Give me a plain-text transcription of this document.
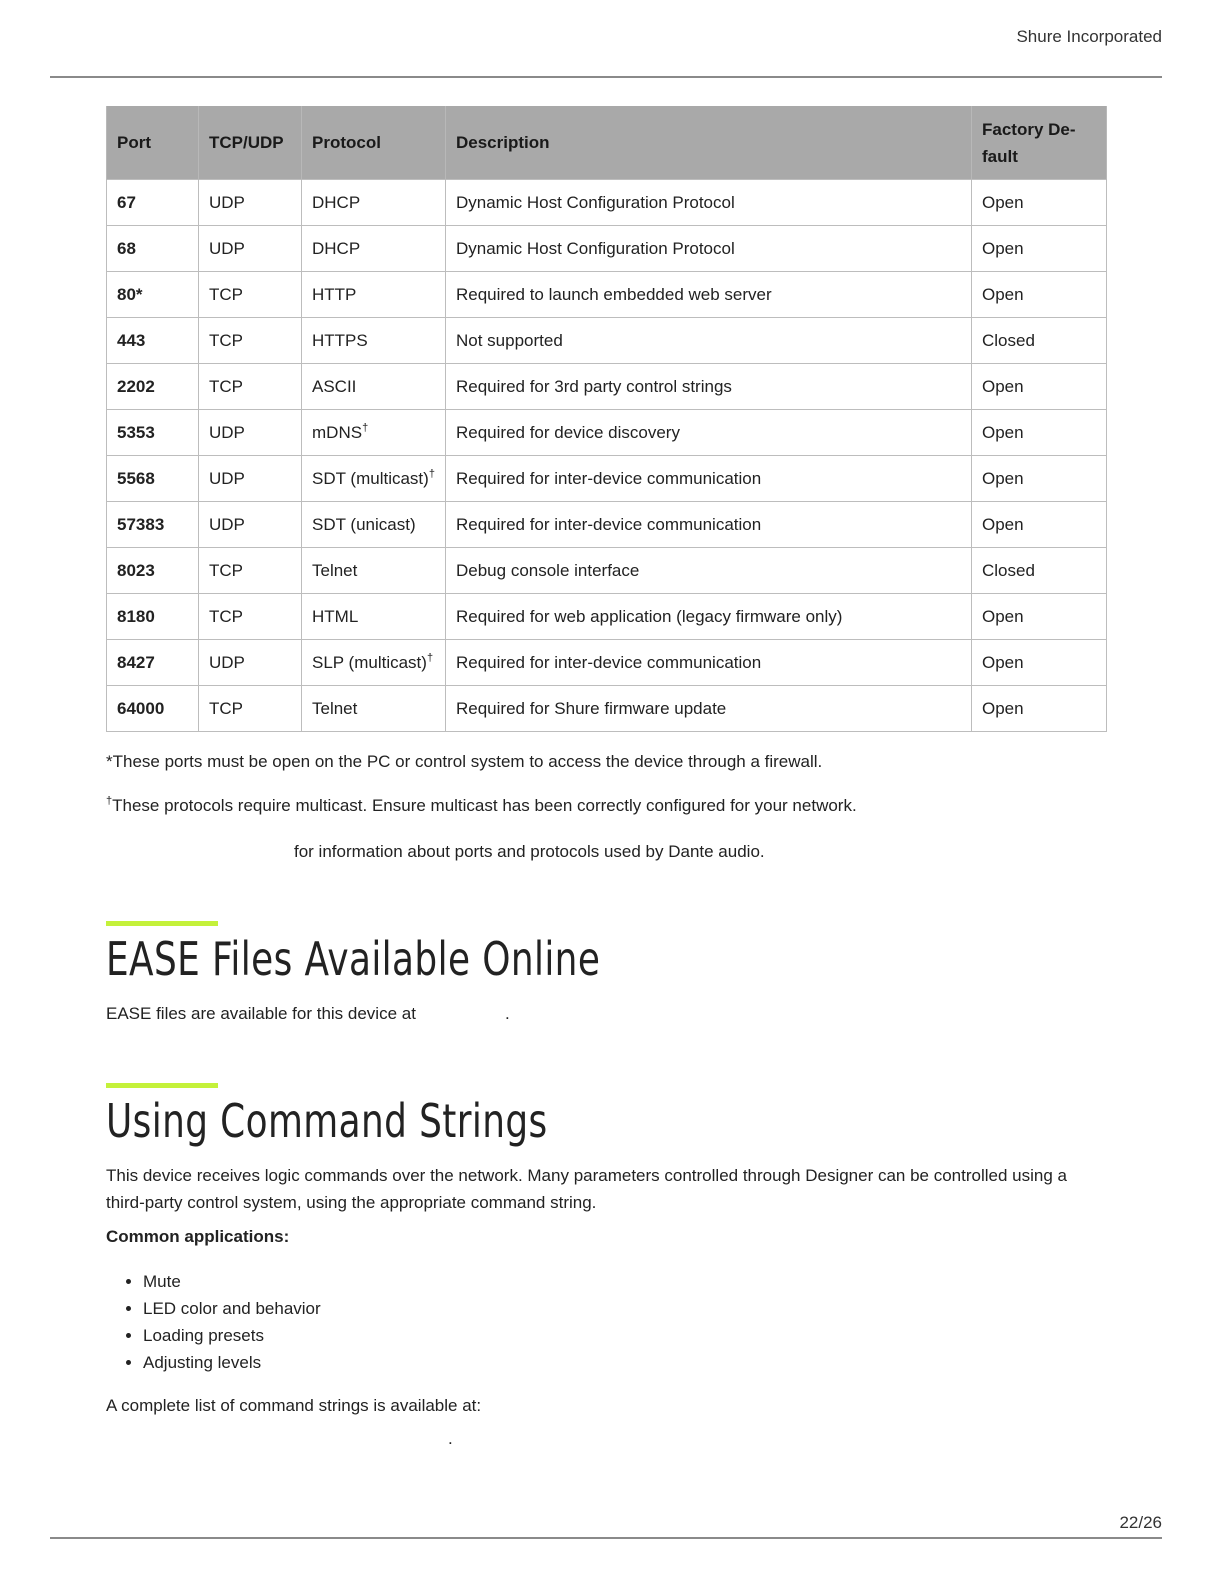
Shure Incorporated
Port	TCP/UDP	Protocol	Description	Factory De-fault
67	UDP	DHCP	Dynamic Host Configuration Protocol	Open
68	UDP	DHCP	Dynamic Host Configuration Protocol	Open
80*	TCP	HTTP	Required to launch embedded web server	Open
443	TCP	HTTPS	Not supported	Closed
2202	TCP	ASCII	Required for 3rd party control strings	Open
5353	UDP	mDNS†	Required for device discovery	Open
5568	UDP	SDT (multicast)†	Required for inter-device communication	Open
57383	UDP	SDT (unicast)	Required for inter-device communication	Open
8023	TCP	Telnet	Debug console interface	Closed
8180	TCP	HTML	Required for web application (legacy firmware only)	Open
8427	UDP	SLP (multicast)†	Required for inter-device communication	Open
64000	TCP	Telnet	Required for Shure firmware update	Open

*These ports must be open on the PC or control system to access the device through a firewall.

†These protocols require multicast. Ensure multicast has been correctly configured for your network.

for information about ports and protocols used by Dante audio.

EASE Files Available Online

EASE files are available for this device at	.

Using Command Strings

This device receives logic commands over the network. Many parameters controlled through Designer can be controlled using a third-party control system, using the appropriate command string.

Common applications:

• Mute
• LED color and behavior
• Loading presets
• Adjusting levels

A complete list of command strings is available at:

.
22/26
